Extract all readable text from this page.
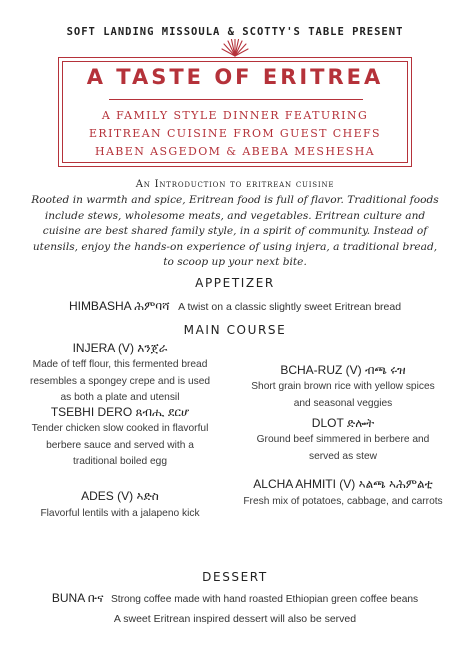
SOFT LANDING MISSOULA & SCOTTY'S TABLE PRESENT
A TASTE OF ERITREA
A FAMILY STYLE DINNER FEATURING
ERITREAN CUISINE FROM GUEST CHEFS
HABEN ASGEDOM & ABEBA MESHESHA
An Introduction to eritrean cuisine
Rooted in warmth and spice, Eritrean food is full of flavor. Traditional foods include stews, wholesome meats, and vegetables. Eritrean culture and cuisine are best shared family style, in a spirit of community. Instead of utensils, enjoy the hands-on experience of using injera, a traditional bread, to scoop up your next bite.
APPETIZER
HIMBASHA ሕምባሻ A twist on a classic slightly sweet Eritrean bread
MAIN COURSE
INJERA (V) እንጀራ
Made of teff flour, this fermented bread
resembles a spongey crepe and is used
as both a plate and utensil
TSEBHI DERO ጸብሒ ደርሆ
Tender chicken slow cooked in flavorful
berbere sauce and served with a
traditional boiled egg
ADES (V) ኣድስ
Flavorful lentils with a jalapeno kick
BCHA-RUZ (V) ብጫ ሩዝ
Short grain brown rice with yellow spices
and seasonal veggies
DLOT ድሎት
Ground beef simmered in berbere and
served as stew
ALCHA AHMITI (V) ኣልጫ ኣሕምልቲ
Fresh mix of potatoes, cabbage, and carrots
DESSERT
BUNA ቡና Strong coffee made with hand roasted Ethiopian green coffee beans
A sweet Eritrean inspired dessert will also be served
